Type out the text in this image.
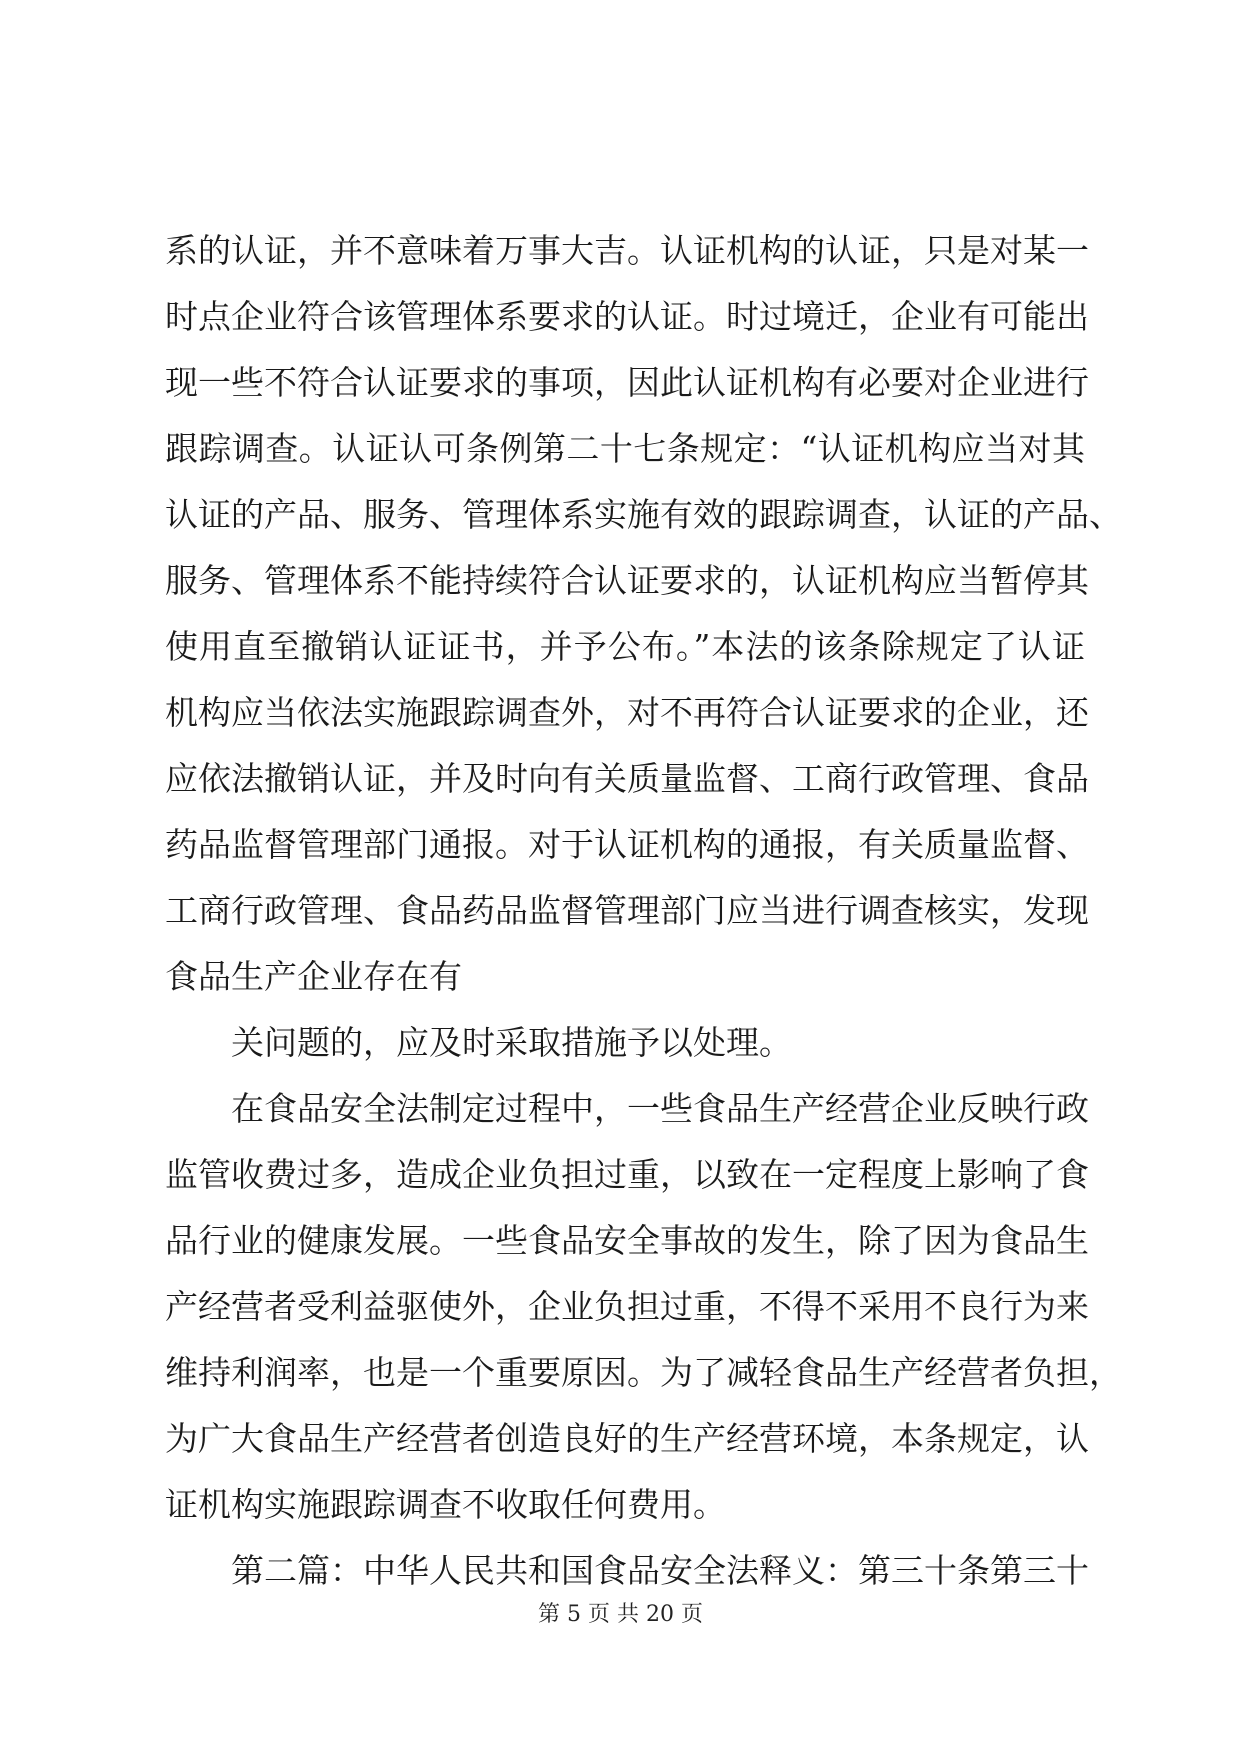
系的认证，并不意味着万事大吉。认证机构的认证，只是对某一
时点企业符合该管理体系要求的认证。时过境迁，企业有可能出
现一些不符合认证要求的事项，因此认证机构有必要对企业进行
跟踪调查。认证认可条例第二十七条规定：“认证机构应当对其
认证的产品、服务、管理体系实施有效的跟踪调查，认证的产品、
服务、管理体系不能持续符合认证要求的，认证机构应当暂停其
使用直至撤销认证证书，并予公布。”本法的该条除规定了认证
机构应当依法实施跟踪调查外，对不再符合认证要求的企业，还
应依法撤销认证，并及时向有关质量监督、工商行政管理、食品
药品监督管理部门通报。对于认证机构的通报，有关质量监督、
工商行政管理、食品药品监督管理部门应当进行调查核实，发现
食品生产企业存在有
关问题的，应及时采取措施予以处理。
在食品安全法制定过程中，一些食品生产经营企业反映行政
监管收费过多，造成企业负担过重，以致在一定程度上影响了食
品行业的健康发展。一些食品安全事故的发生，除了因为食品生
产经营者受利益驱使外，企业负担过重，不得不采用不良行为来
维持利润率，也是一个重要原因。为了减轻食品生产经营者负担，
为广大食品生产经营者创造良好的生产经营环境，本条规定，认
证机构实施跟踪调查不收取任何费用。
第二篇：中华人民共和国食品安全法释义：第三十条第三十
第 5 页 共 20 页
